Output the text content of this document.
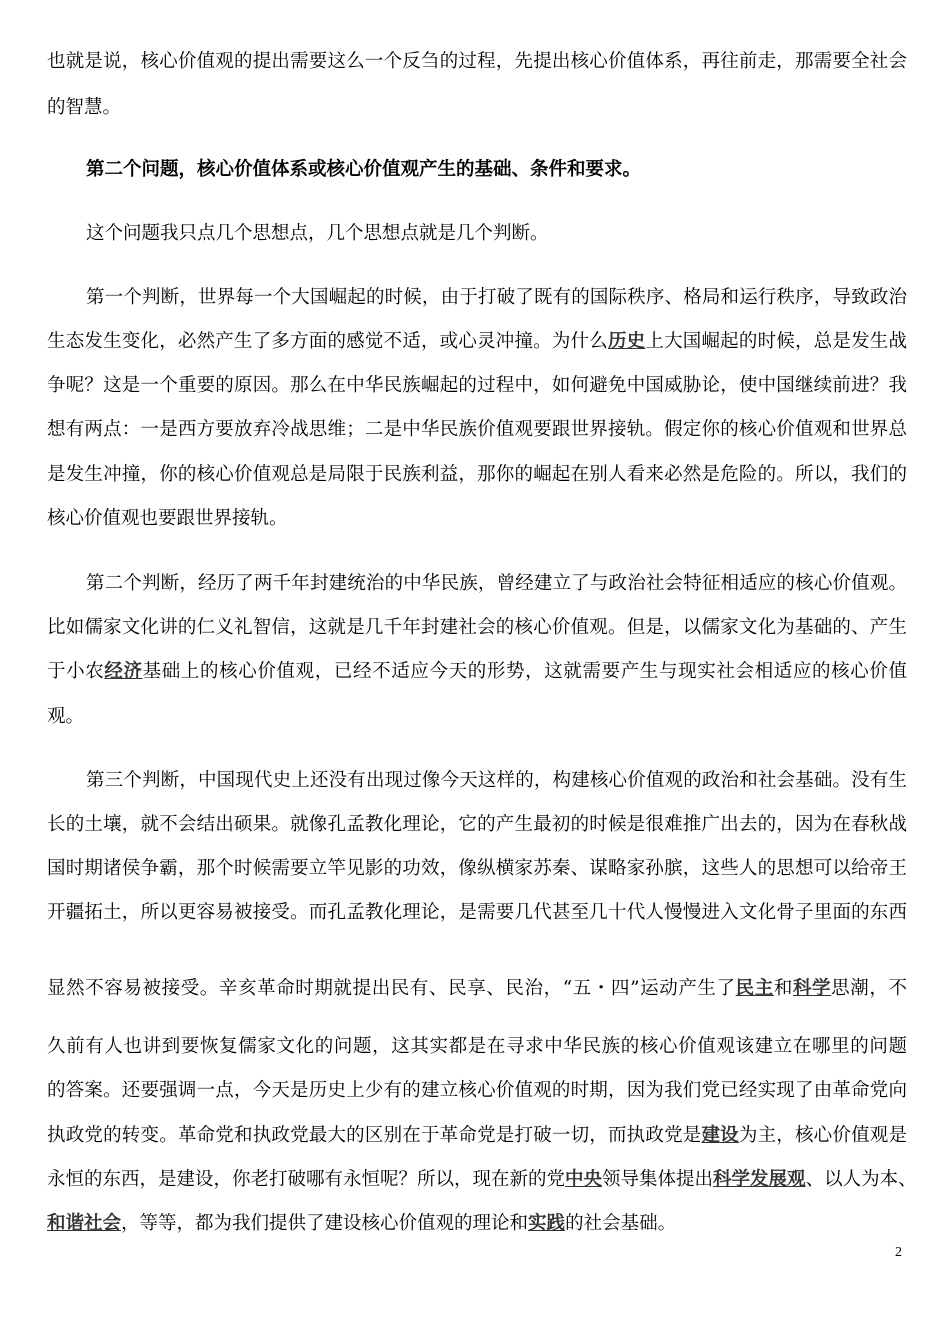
也就是说，核心价值观的提出需要这么一个反刍的过程，先提出核心价值体系，再往前走，那需要全社会
的智慧。
第二个问题，核心价值体系或核心价值观产生的基础、条件和要求。
这个问题我只点几个思想点，几个思想点就是几个判断。
第一个判断，世界每一个大国崛起的时候，由于打破了既有的国际秩序、格局和运行秩序，导致政治
生态发生变化，必然产生了多方面的感觉不适，或心灵冲撞。为什么历史上大国崛起的时候，总是发生战
争呢？这是一个重要的原因。那么在中华民族崛起的过程中，如何避免中国威胁论，使中国继续前进？我
想有两点：一是西方要放弃冷战思维；二是中华民族价值观要跟世界接轨。假定你的核心价值观和世界总
是发生冲撞，你的核心价值观总是局限于民族利益，那你的崛起在别人看来必然是危险的。所以，我们的
核心价值观也要跟世界接轨。
第二个判断，经历了两千年封建统治的中华民族，曾经建立了与政治社会特征相适应的核心价值观。
比如儒家文化讲的仁义礼智信，这就是几千年封建社会的核心价值观。但是，以儒家文化为基础的、产生
于小农经济基础上的核心价值观，已经不适应今天的形势，这就需要产生与现实社会相适应的核心价值
观。
第三个判断，中国现代史上还没有出现过像今天这样的，构建核心价值观的政治和社会基础。没有生
长的土壤，就不会结出硕果。就像孔孟教化理论，它的产生最初的时候是很难推广出去的，因为在春秋战
国时期诸侯争霸，那个时候需要立竿见影的功效，像纵横家苏秦、谋略家孙膑，这些人的思想可以给帝王
开疆拓土，所以更容易被接受。而孔孟教化理论，是需要几代甚至几十代人慢慢进入文化骨子里面的东西
显然不容易被接受。辛亥革命时期就提出民有、民享、民治，“五・四”运动产生了民主和科学思潮，不
久前有人也讲到要恢复儒家文化的问题，这其实都是在寻求中华民族的核心价值观该建立在哪里的问题
的答案。还要强调一点，今天是历史上少有的建立核心价值观的时期，因为我们党已经实现了由革命党向
执政党的转变。革命党和执政党最大的区别在于革命党是打破一切，而执政党是建设为主，核心价值观是
永恒的东西，是建设，你老打破哪有永恒呢？所以，现在新的党中央领导集体提出科学发展观、以人为本、
和谐社会，等等，都为我们提供了建设核心价值观的理论和实践的社会基础。
2
